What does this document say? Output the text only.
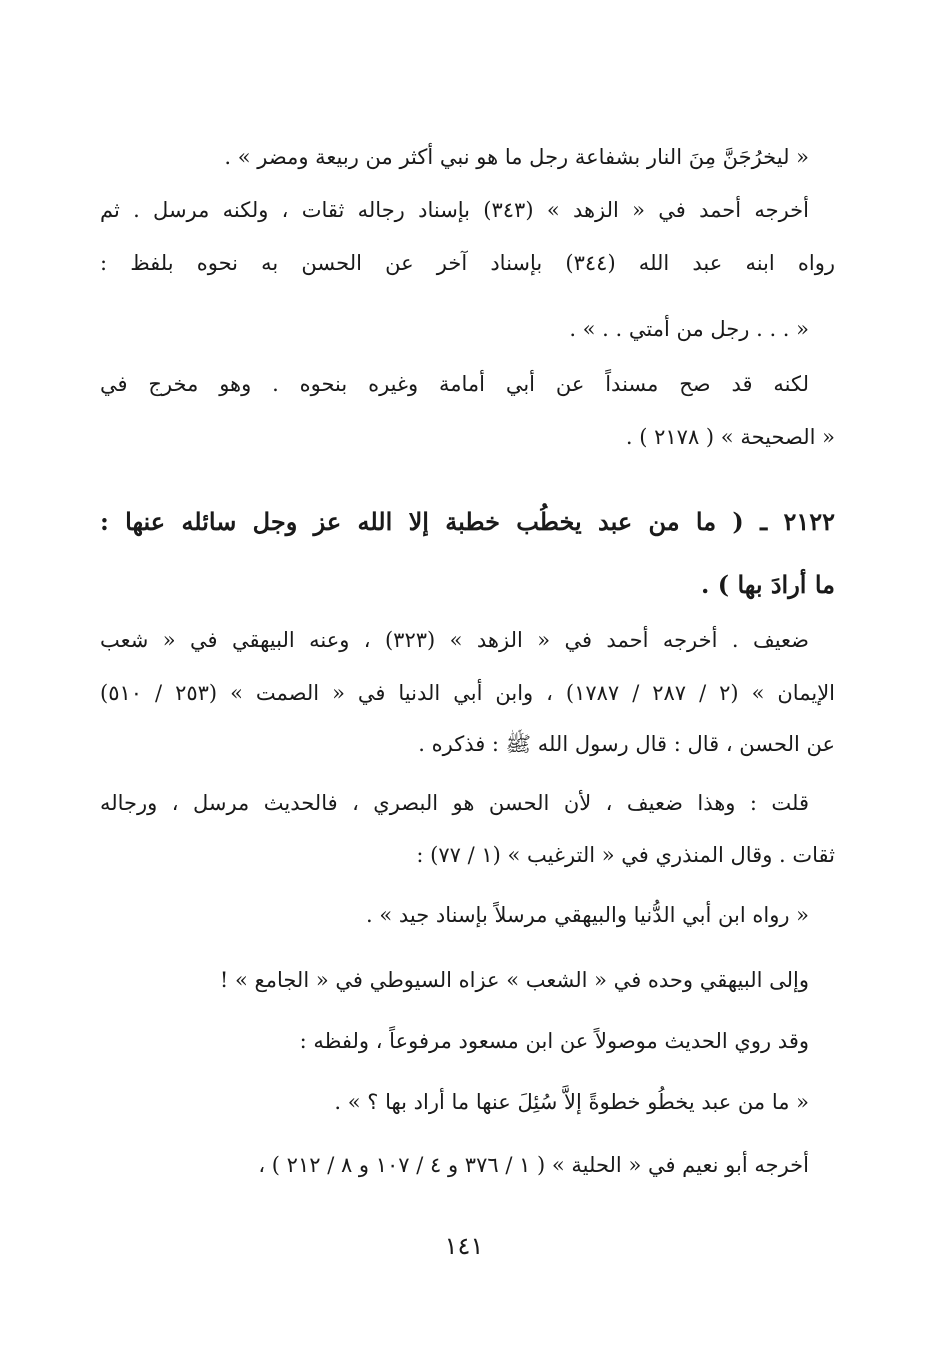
« ليخرُجَنَّ مِنَ النار بشفاعة رجل ما هو نبي أكثر من ربيعة ومضر » .
أخرجه أحمد في « الزهد » (٣٤٣) بإسناد رجاله ثقات ، ولكنه مرسل . ثم
رواه ابنه عبد الله (٣٤٤) بإسناد آخر عن الحسن به نحوه بلفظ :
« . . . رجل من أمتي . . » .
لكنه قد صح مسنداً عن أبي أمامة وغيره بنحوه . وهو مخرج في
« الصحيحة » ( ٢١٧٨ ) .
٢١٢٢ ـ ( ما من عبد يخطُب خطبة إلا الله عز وجل سائله عنها :
ما أرادَ بها ) .
ضعيف . أخرجه أحمد في « الزهد » (٣٢٣) ، وعنه البيهقي في « شعب
الإيمان » (٢ / ٢٨٧ / ١٧٨٧) ، وابن أبي الدنيا في « الصمت » (٢٥٣ / ٥١٠)
عن الحسن ، قال : قال رسول الله ﷺ : فذكره .
قلت : وهذا ضعيف ، لأن الحسن هو البصري ، فالحديث مرسل ، ورجاله
ثقات . وقال المنذري في « الترغيب » (١ / ٧٧) :
« رواه ابن أبي الدُّنيا والبيهقي مرسلاً بإسناد جيد » .
وإلى البيهقي وحده في « الشعب » عزاه السيوطي في « الجامع » !
وقد روي الحديث موصولاً عن ابن مسعود مرفوعاً ، ولفظه :
« ما من عبد يخطُو خطوةً إلاَّ سُئِلَ عنها ما أراد بها ؟ » .
أخرجه أبو نعيم في « الحلية » ( ١ / ٣٧٦ و ٤ / ١٠٧ و ٨ / ٢١٢ ) ،
١٤١
